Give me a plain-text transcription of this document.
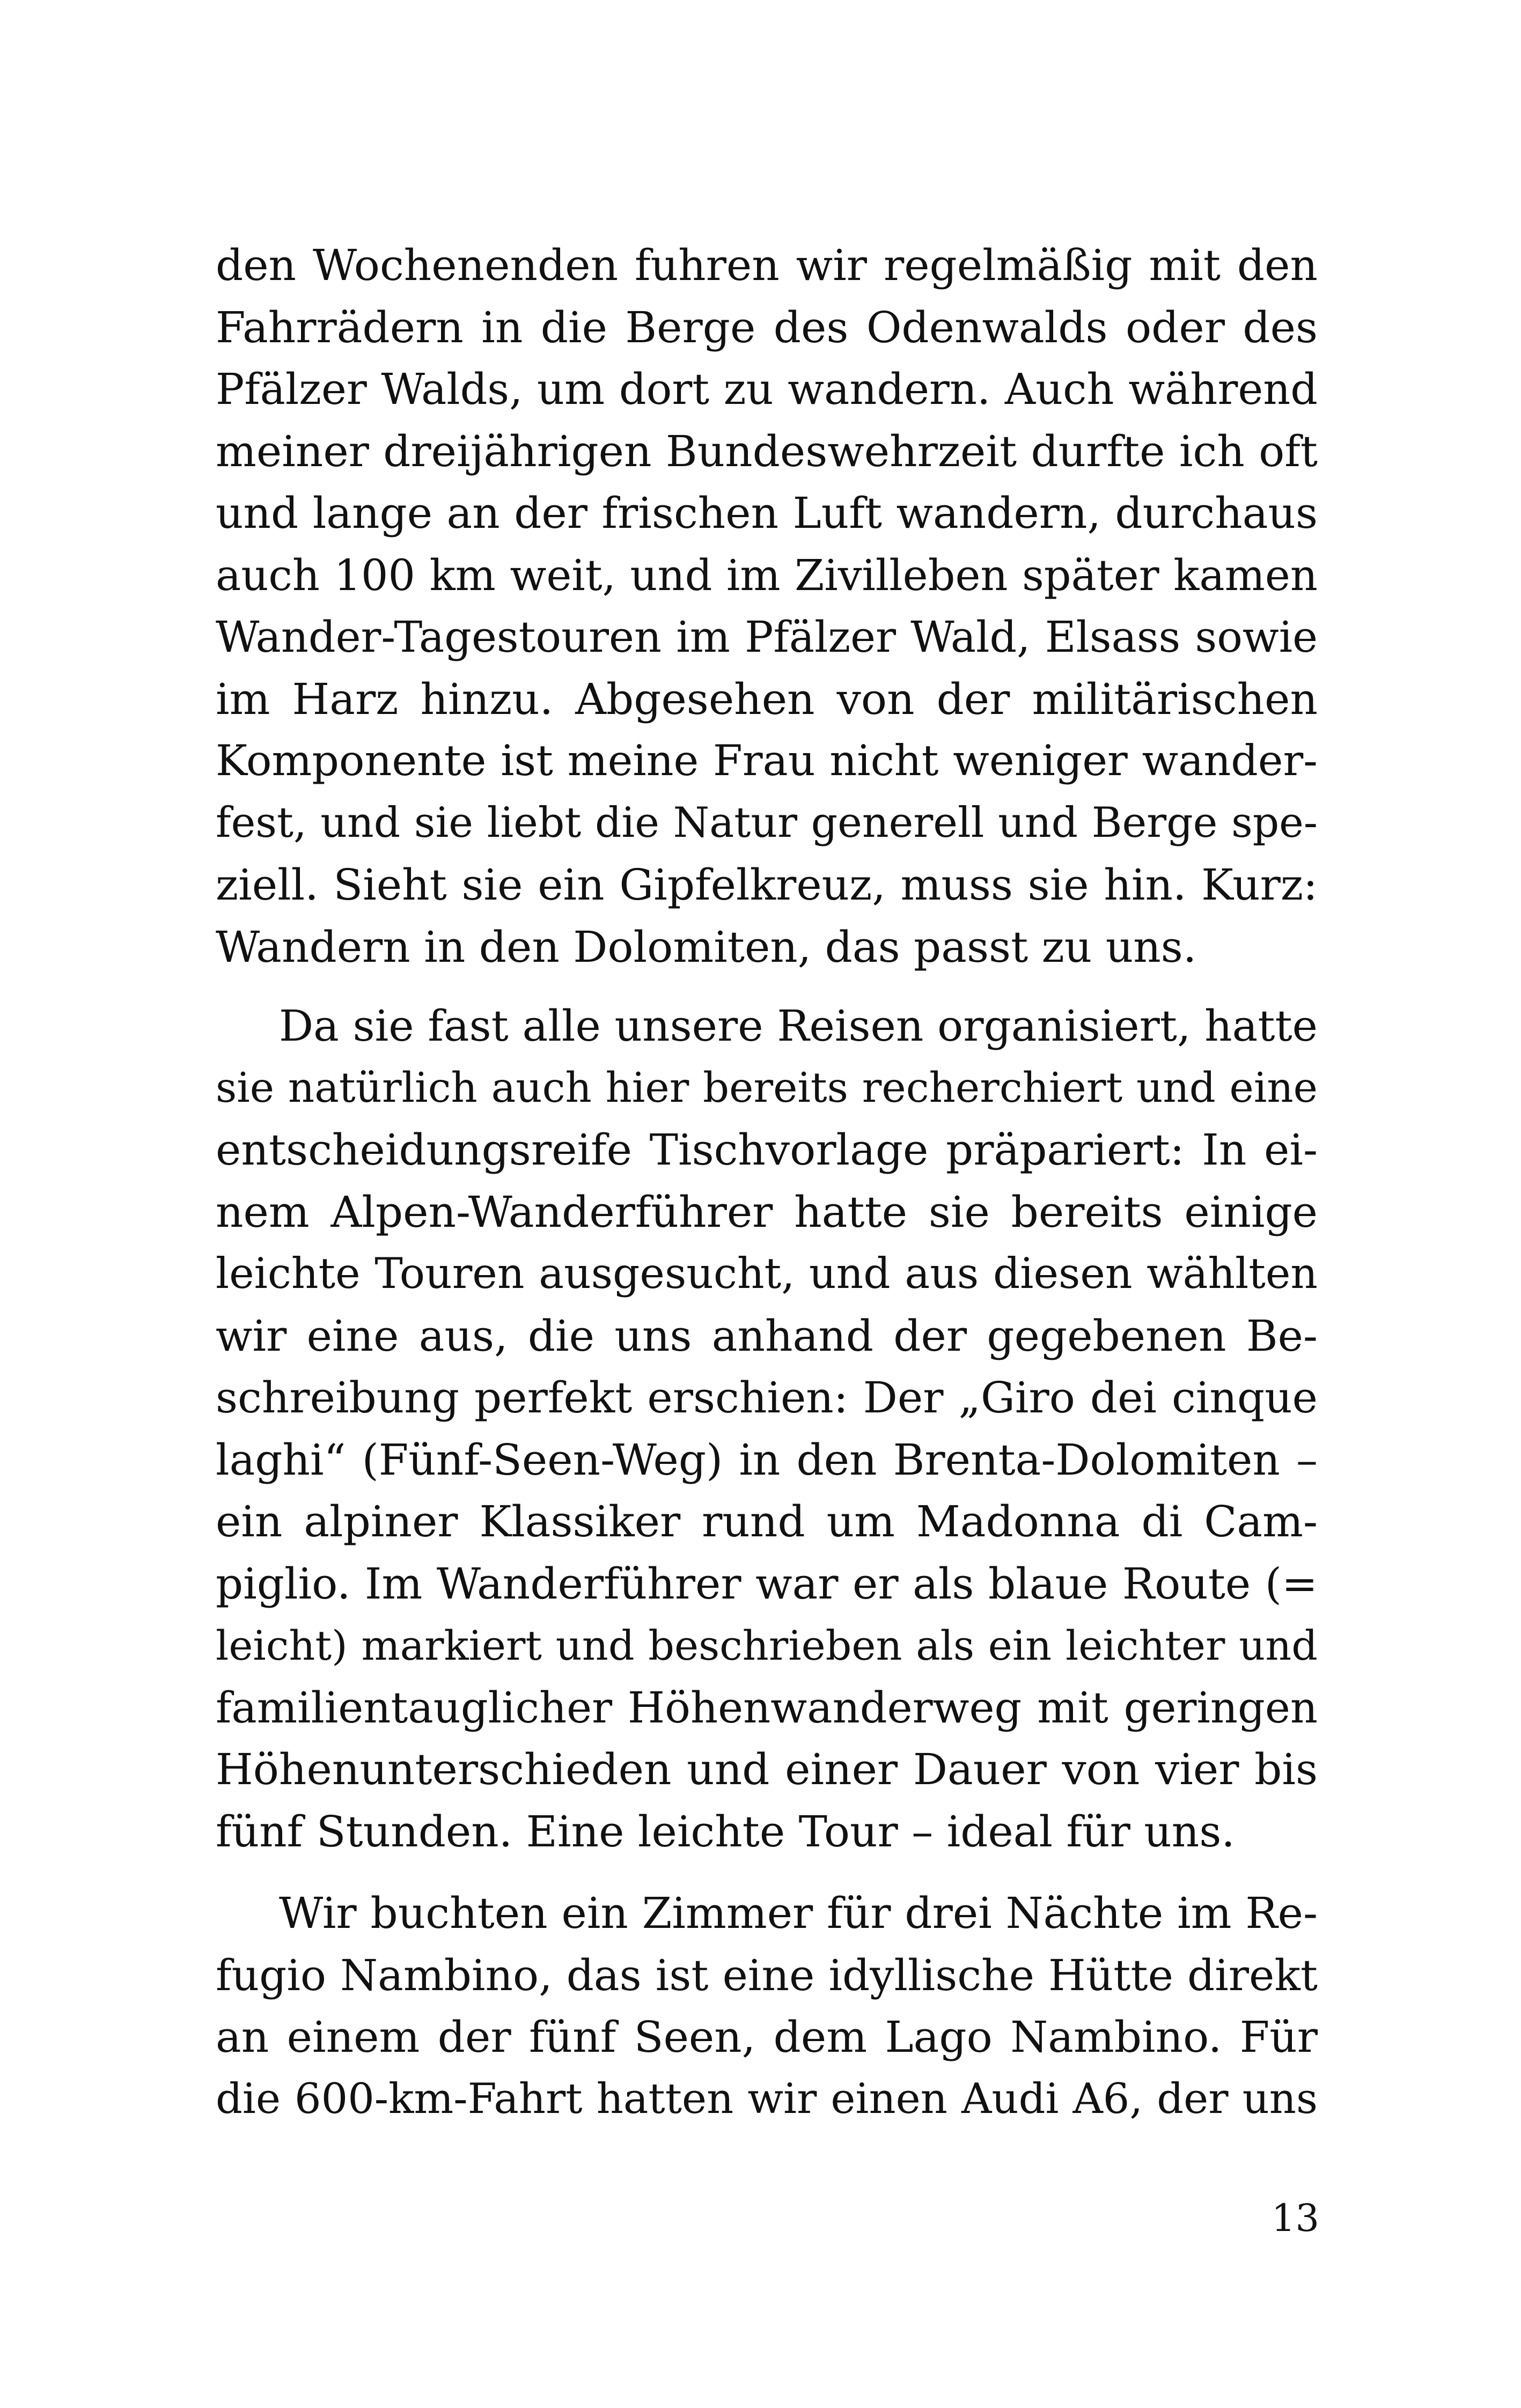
den Wochenenden fuhren wir regelmäßig mit den
Fahrrädern in die Berge des Odenwalds oder des
Pfälzer Walds, um dort zu wandern. Auch während
meiner dreijährigen Bundeswehrzeit durfte ich oft
und lange an der frischen Luft wandern, durchaus
auch 100 km weit, und im Zivilleben später kamen
Wander-Tagestouren im Pfälzer Wald, Elsass sowie
im Harz hinzu. Abgesehen von der militärischen
Komponente ist meine Frau nicht weniger wander-
fest, und sie liebt die Natur generell und Berge spe-
ziell. Sieht sie ein Gipfelkreuz, muss sie hin. Kurz:
Wandern in den Dolomiten, das passt zu uns.
Da sie fast alle unsere Reisen organisiert, hatte
sie natürlich auch hier bereits recherchiert und eine
entscheidungsreife Tischvorlage präpariert: In ei-
nem Alpen-Wanderführer hatte sie bereits einige
leichte Touren ausgesucht, und aus diesen wählten
wir eine aus, die uns anhand der gegebenen Be-
schreibung perfekt erschien: Der „Giro dei cinque
laghi“ (Fünf-Seen-Weg) in den Brenta-Dolomiten –
ein alpiner Klassiker rund um Madonna di Cam-
piglio. Im Wanderführer war er als blaue Route (=
leicht) markiert und beschrieben als ein leichter und
familientauglicher Höhenwanderweg mit geringen
Höhenunterschieden und einer Dauer von vier bis
fünf Stunden. Eine leichte Tour – ideal für uns.
Wir buchten ein Zimmer für drei Nächte im Re-
fugio Nambino, das ist eine idyllische Hütte direkt
an einem der fünf Seen, dem Lago Nambino. Für
die 600-km-Fahrt hatten wir einen Audi A6, der uns
13
